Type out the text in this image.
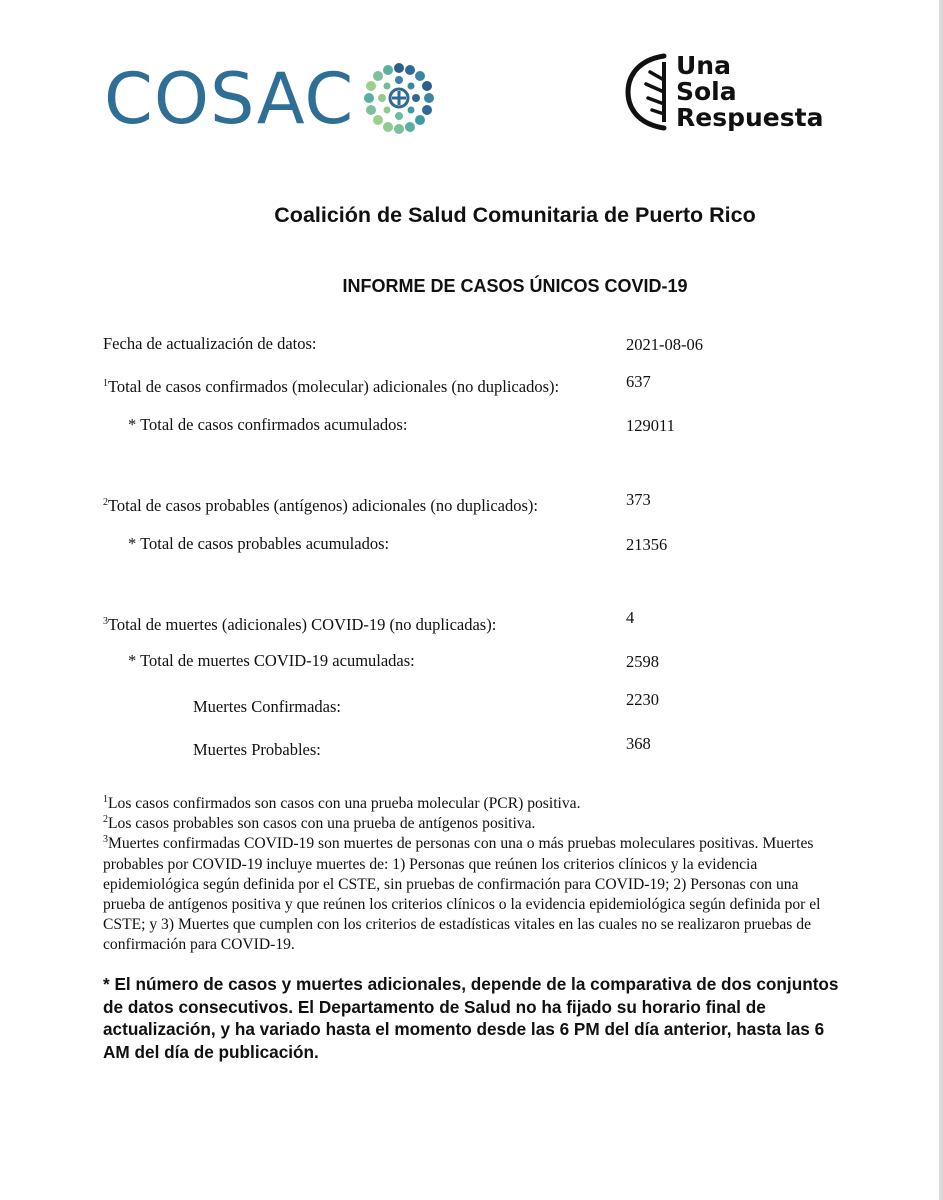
COSAC	Una
Sola
Respuesta
Coalición de Salud Comunitaria de Puerto Rico
INFORME DE CASOS ÚNICOS COVID-19
Fecha de actualización de datos:	2021-08-06
$^1$Total de casos confirmados (molecular) adicionales (no duplicados):	637
* Total de casos confirmados acumulados:	129011
$^2$Total de casos probables (antígenos) adicionales (no duplicados):	373
* Total de casos probables acumulados:	21356
$^3$Total de muertes (adicionales) COVID-19 (no duplicadas):	4
* Total de muertes COVID-19 acumuladas:	2598
Muertes Confirmadas:	2230
Muertes Probables:	368

$^1$Los casos confirmados son casos con una prueba molecular (PCR) positiva.

$^2$Los casos probables son casos con una prueba de antígenos positiva.

$^3$Muertes confirmadas COVID-19 son muertes de personas con una o más pruebas moleculares positivas. Muertes probables por COVID-19 incluye muertes de: 1) Personas que reúnen los criterios clínicos y la evidencia epidemiológica según definida por el CSTE, sin pruebas de confirmación para COVID-19; 2) Personas con una prueba de antígenos positiva y que reúnen los criterios clínicos o la evidencia epidemiológica según definida por el CSTE; y 3) Muertes que cumplen con los criterios de estadísticas vitales en las cuales no se realizaron pruebas de confirmación para COVID-19.

* El número de casos y muertes adicionales, depende de la comparativa de dos conjuntos de datos consecutivos. El Departamento de Salud no ha fijado su horario final de actualización, y ha variado hasta el momento desde las 6 PM del día anterior, hasta las 6 AM del día de publicación.
